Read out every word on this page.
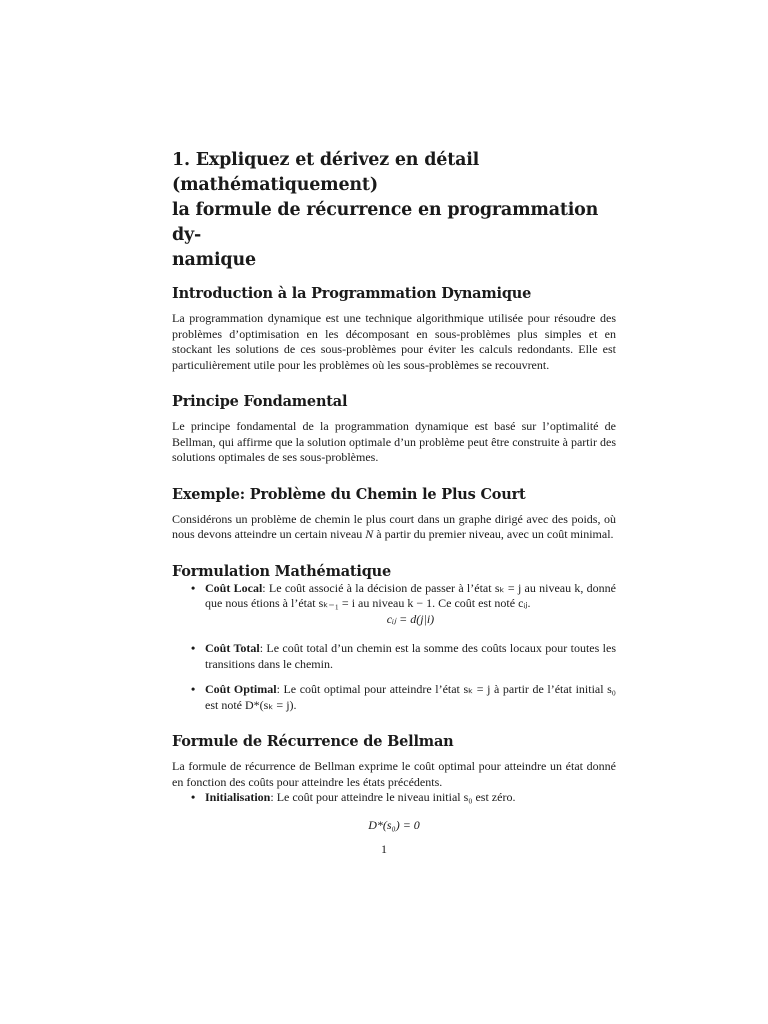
1. Expliquez et dérivez en détail (mathématiquement)
la formule de récurrence en programmation dy-
namique
Introduction à la Programmation Dynamique

La programmation dynamique est une technique algorithmique utilisée pour résoudre des problèmes d’optimisation en les décomposant en sous-problèmes plus simples et en stockant les solutions de ces sous-problèmes pour éviter les calculs redondants. Elle est particulièrement utile pour les problèmes où les sous-problèmes se recouvrent.

Principe Fondamental

Le principe fondamental de la programmation dynamique est basé sur l’optimalité de Bellman, qui affirme que la solution optimale d’un problème peut être construite à partir des solutions optimales de ses sous-problèmes.

Exemple: Problème du Chemin le Plus Court

Considérons un problème de chemin le plus court dans un graphe dirigé avec des poids, où nous devons atteindre un certain niveau N à partir du premier niveau, avec un coût minimal.

Formulation Mathématique
• Coût Local: Le coût associé à la décision de passer à l’état sₖ = j au niveau k, donné que nous étions à l’état sₖ₋₁ = i au niveau k − 1. Ce coût est noté cᵢⱼ.
cᵢⱼ = d(j|i)
• Coût Total: Le coût total d’un chemin est la somme des coûts locaux pour toutes les transitions dans le chemin.
• Coût Optimal: Le coût optimal pour atteindre l’état sₖ = j à partir de l’état initial s₀ est noté D*(sₖ = j).
Formule de Récurrence de Bellman

La formule de récurrence de Bellman exprime le coût optimal pour atteindre un état donné en fonction des coûts pour atteindre les états précédents.

• Initialisation: Le coût pour atteindre le niveau initial s₀ est zéro.
D*(s₀) = 0
1
